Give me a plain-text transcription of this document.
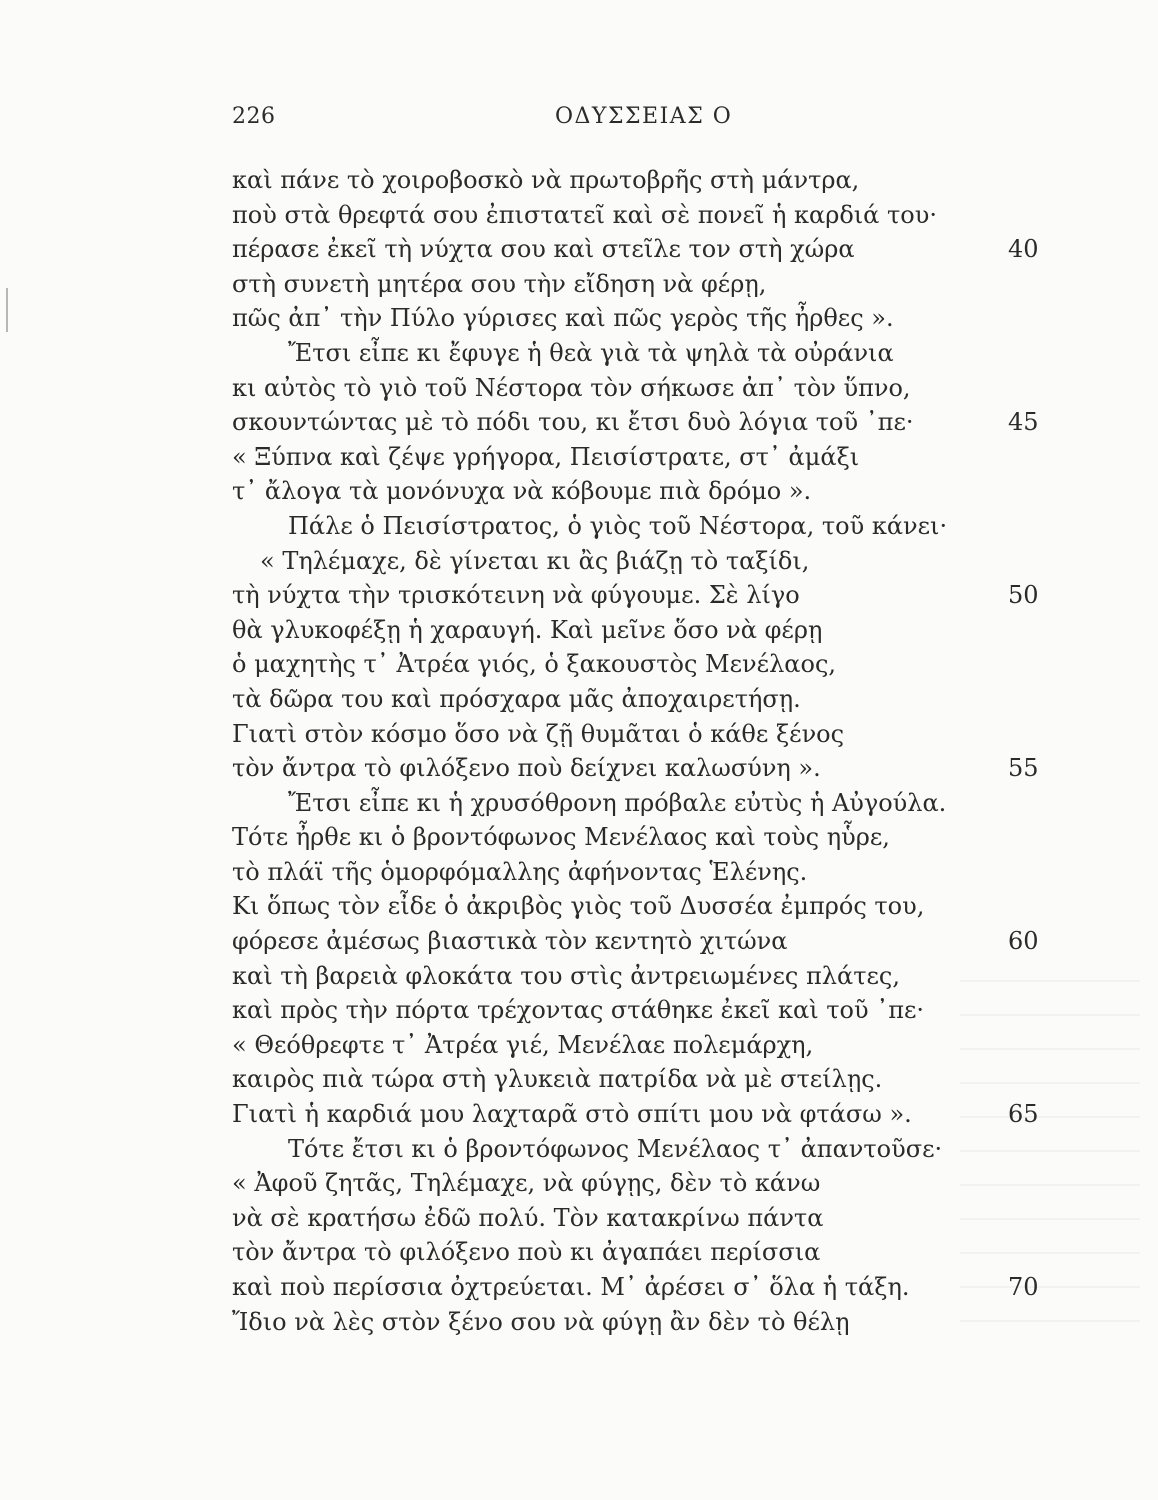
226	ΟΔΥΣΣΕΙΑΣ Ο
καὶ πάνε τὸ χοιροβοσκὸ νὰ πρωτοβρῆς στὴ μάντρα,
ποὺ στὰ θρεφτά σου ἐπιστατεῖ καὶ σὲ πονεῖ ἡ καρδιά του·
πέρασε ἐκεῖ τὴ νύχτα σου καὶ στεῖλε τον στὴ χώρα	40
στὴ συνετὴ μητέρα σου τὴν εἴδηση νὰ φέρῃ,
πῶς ἀπ᾽ τὴν Πύλο γύρισες καὶ πῶς γερὸς τῆς ἦρθες ».
Ἔτσι εἶπε κι ἔφυγε ἡ θεὰ γιὰ τὰ ψηλὰ τὰ οὐράνια
κι αὐτὸς τὸ γιὸ τοῦ Νέστορα τὸν σήκωσε ἀπ᾽ τὸν ὕπνο,
σκουντώντας μὲ τὸ πόδι του, κι ἔτσι δυὸ λόγια τοῦ ᾽πε·	45
« Ξύπνα καὶ ζέψε γρήγορα, Πεισίστρατε, στ᾽ ἀμάξι
τ᾽ ἄλογα τὰ μονόνυχα νὰ κόβουμε πιὰ δρόμο ».
Πάλε ὁ Πεισίστρατος, ὁ γιὸς τοῦ Νέστορα, τοῦ κάνει·
« Τηλέμαχε, δὲ γίνεται κι ἂς βιάζῃ τὸ ταξίδι,
τὴ νύχτα τὴν τρισκότεινη νὰ φύγουμε. Σὲ λίγο	50
θὰ γλυκοφέξῃ ἡ χαραυγή. Καὶ μεῖνε ὅσο νὰ φέρῃ
ὁ μαχητὴς τ᾽ Ἀτρέα γιός, ὁ ξακουστὸς Μενέλαος,
τὰ δῶρα του καὶ πρόσχαρα μᾶς ἀποχαιρετήσῃ.
Γιατὶ στὸν κόσμο ὅσο νὰ ζῇ θυμᾶται ὁ κάθε ξένος
τὸν ἄντρα τὸ φιλόξενο ποὺ δείχνει καλωσύνη ».	55
Ἔτσι εἶπε κι ἡ χρυσόθρονη πρόβαλε εὐτὺς ἡ Αὐγούλα.
Τότε ἦρθε κι ὁ βροντόφωνος Μενέλαος καὶ τοὺς ηὗρε,
τὸ πλάϊ τῆς ὁμορφόμαλλης ἀφήνοντας Ἑλένης.
Κι ὅπως τὸν εἶδε ὁ ἀκριβὸς γιὸς τοῦ Δυσσέα ἐμπρός του,
φόρεσε ἀμέσως βιαστικὰ τὸν κεντητὸ χιτώνα	60
καὶ τὴ βαρειὰ φλοκάτα του στὶς ἀντρειωμένες πλάτες,
καὶ πρὸς τὴν πόρτα τρέχοντας στάθηκε ἐκεῖ καὶ τοῦ ᾽πε·
« Θεόθρεφτε τ᾽ Ἀτρέα γιέ, Μενέλαε πολεμάρχη,
καιρὸς πιὰ τώρα στὴ γλυκειὰ πατρίδα νὰ μὲ στείλῃς.
Γιατὶ ἡ καρδιά μου λαχταρᾶ στὸ σπίτι μου νὰ φτάσω ».	65
Τότε ἔτσι κι ὁ βροντόφωνος Μενέλαος τ᾽ ἀπαντοῦσε·
« Ἀφοῦ ζητᾶς, Τηλέμαχε, νὰ φύγῃς, δὲν τὸ κάνω
νὰ σὲ κρατήσω ἐδῶ πολύ. Τὸν κατακρίνω πάντα
τὸν ἄντρα τὸ φιλόξενο ποὺ κι ἀγαπάει περίσσια
καὶ ποὺ περίσσια ὀχτρεύεται. Μ᾽ ἀρέσει σ᾽ ὅλα ἡ τάξη.	70
Ἴδιο νὰ λὲς στὸν ξένο σου νὰ φύγῃ ἂν δὲν τὸ θέλῃ
